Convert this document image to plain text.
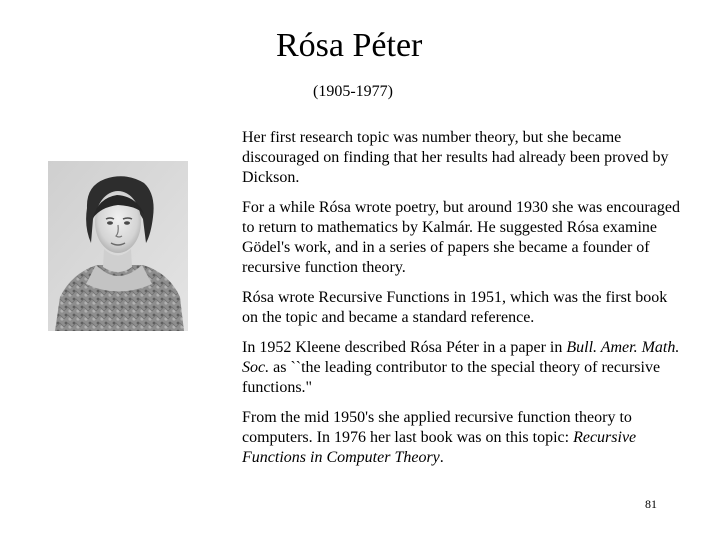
Rósa Péter
(1905-1977)

Her first research topic was number theory, but she became discouraged on finding that her results had already been proved by Dickson.

For a while Rósa wrote poetry, but around 1930 she was encouraged to return to mathematics by Kalmár. He suggested Rósa examine Gödel's work, and in a series of papers she became a founder of recursive function theory.

Rósa wrote Recursive Functions in 1951, which was the first book on the topic and became a standard reference.

In 1952 Kleene described Rósa Péter in a paper in Bull. Amer. Math. Soc. as ``the leading contributor to the special theory of recursive functions."

From the mid 1950's she applied recursive function theory to computers. In 1976 her last book was on this topic: Recursive Functions in Computer Theory.

81
